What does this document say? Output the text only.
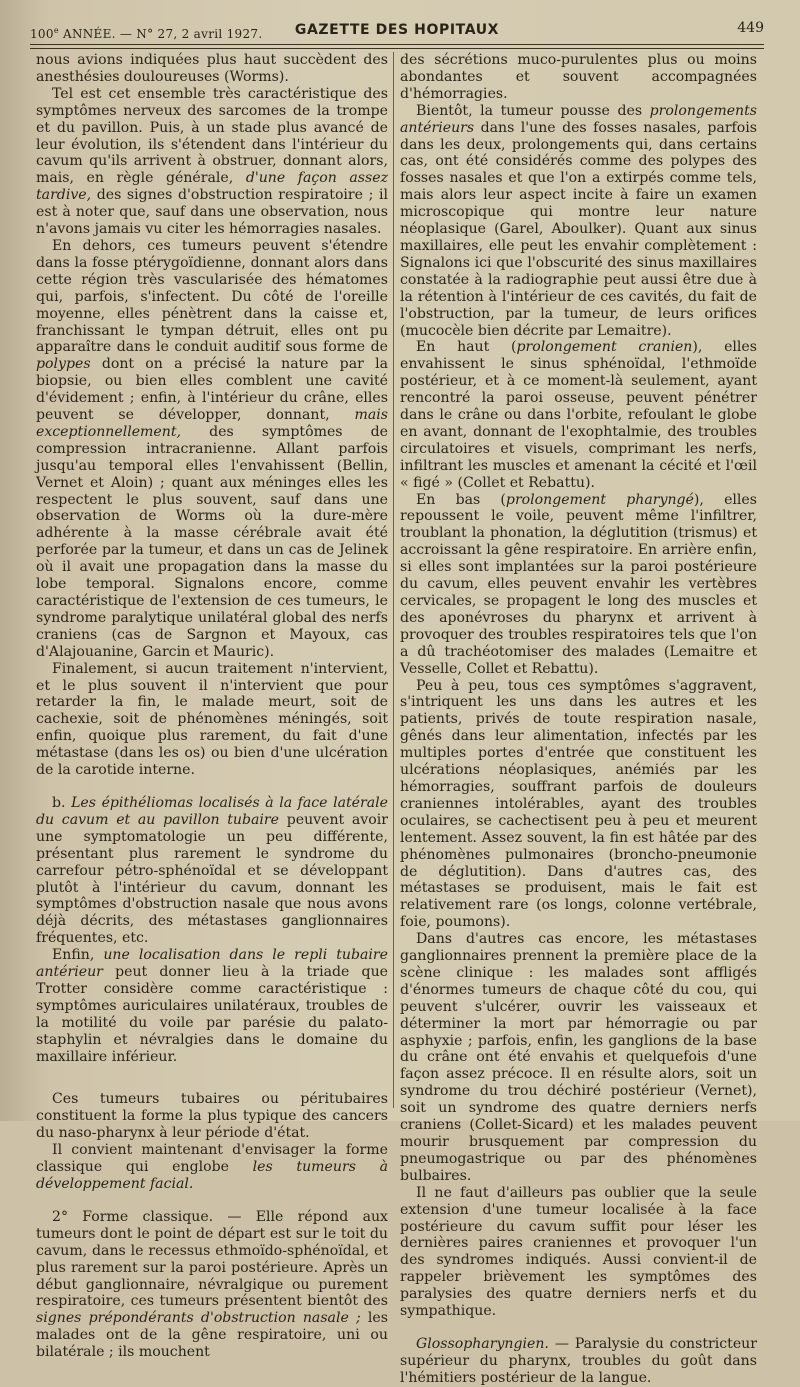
100e ANNÉE. — N° 27, 2 avril 1927.	GAZETTE DES HOPITAUX	449

nous avions indiquées plus haut succèdent des anesthésies douloureuses (Worms).

Tel est cet ensemble très caractéristique des symptômes nerveux des sarcomes de la trompe et du pavillon. Puis, à un stade plus avancé de leur évolution, ils s'étendent dans l'intérieur du cavum qu'ils arrivent à obstruer, donnant alors, mais, en règle générale, d'une façon assez tardive, des signes d'obstruction respiratoire ; il est à noter que, sauf dans une observation, nous n'avons jamais vu citer les hémorragies nasales.

En dehors, ces tumeurs peuvent s'étendre dans la fosse ptérygoïdienne, donnant alors dans cette région très vascularisée des hématomes qui, parfois, s'infectent. Du côté de l'oreille moyenne, elles pénètrent dans la caisse et, franchissant le tympan détruit, elles ont pu apparaître dans le conduit auditif sous forme de polypes dont on a précisé la nature par la biopsie, ou bien elles comblent une cavité d'évidement ; enfin, à l'intérieur du crâne, elles peuvent se développer, donnant, mais exceptionnellement, des symptômes de compression intracranienne. Allant parfois jusqu'au temporal elles l'envahissent (Bellin, Vernet et Aloin) ; quant aux méninges elles les respectent le plus souvent, sauf dans une observation de Worms où la dure-mère adhérente à la masse cérébrale avait été perforée par la tumeur, et dans un cas de Jelinek où il avait une propagation dans la masse du lobe temporal. Signalons encore, comme caractéristique de l'extension de ces tumeurs, le syndrome paralytique unilatéral global des nerfs craniens (cas de Sargnon et Mayoux, cas d'Alajouanine, Garcin et Mauric).

Finalement, si aucun traitement n'intervient, et le plus souvent il n'intervient que pour retarder la fin, le malade meurt, soit de cachexie, soit de phénomènes méningés, soit enfin, quoique plus rarement, du fait d'une métastase (dans les os) ou bien d'une ulcération de la carotide interne.

b. Les épithéliomas localisés à la face latérale du cavum et au pavillon tubaire peuvent avoir une symptomatologie un peu différente, présentant plus rarement le syndrome du carrefour pétro-sphénoïdal et se développant plutôt à l'intérieur du cavum, donnant les symptômes d'obstruction nasale que nous avons déjà décrits, des métastases ganglionnaires fréquentes, etc.

Enfin, une localisation dans le repli tubaire antérieur peut donner lieu à la triade que Trotter considère comme caractéristique : symptômes auriculaires unilatéraux, troubles de la motilité du voile par parésie du palato-staphylin et névralgies dans le domaine du maxillaire inférieur.

Ces tumeurs tubaires ou péritubaires constituent la forme la plus typique des cancers du naso-pharynx à leur période d'état.

Il convient maintenant d'envisager la forme classique qui englobe les tumeurs à développement facial.

2° Forme classique. — Elle répond aux tumeurs dont le point de départ est sur le toit du cavum, dans le recessus ethmoïdo-sphénoïdal, et plus rarement sur la paroi postérieure. Après un début ganglionnaire, névralgique ou purement respiratoire, ces tumeurs présentent bientôt des signes prépondérants d'obstruction nasale ; les malades ont de la gêne respiratoire, uni ou bilatérale ; ils mouchent

des sécrétions muco-purulentes plus ou moins abondantes et souvent accompagnées d'hémorragies.

Bientôt, la tumeur pousse des prolongements antérieurs dans l'une des fosses nasales, parfois dans les deux, prolongements qui, dans certains cas, ont été considérés comme des polypes des fosses nasales et que l'on a extirpés comme tels, mais alors leur aspect incite à faire un examen microscopique qui montre leur nature néoplasique (Garel, Aboulker). Quant aux sinus maxillaires, elle peut les envahir complètement : Signalons ici que l'obscurité des sinus maxillaires constatée à la radiographie peut aussi être due à la rétention à l'intérieur de ces cavités, du fait de l'obstruction, par la tumeur, de leurs orifices (mucocèle bien décrite par Lemaitre).

En haut (prolongement cranien), elles envahissent le sinus sphénoïdal, l'ethmoïde postérieur, et à ce moment-là seulement, ayant rencontré la paroi osseuse, peuvent pénétrer dans le crâne ou dans l'orbite, refoulant le globe en avant, donnant de l'exophtalmie, des troubles circulatoires et visuels, comprimant les nerfs, infiltrant les muscles et amenant la cécité et l'œil « figé » (Collet et Rebattu).

En bas (prolongement pharyngé), elles repoussent le voile, peuvent même l'infiltrer, troublant la phonation, la déglutition (trismus) et accroissant la gêne respiratoire. En arrière enfin, si elles sont implantées sur la paroi postérieure du cavum, elles peuvent envahir les vertèbres cervicales, se propagent le long des muscles et des aponévroses du pharynx et arrivent à provoquer des troubles respiratoires tels que l'on a dû trachéotomiser des malades (Lemaitre et Vesselle, Collet et Rebattu).

Peu à peu, tous ces symptômes s'aggravent, s'intriquent les uns dans les autres et les patients, privés de toute respiration nasale, gênés dans leur alimentation, infectés par les multiples portes d'entrée que constituent les ulcérations néoplasiques, anémiés par les hémorragies, souffrant parfois de douleurs craniennes intolérables, ayant des troubles oculaires, se cachectisent peu à peu et meurent lentement. Assez souvent, la fin est hâtée par des phénomènes pulmonaires (broncho-pneumonie de déglutition). Dans d'autres cas, des métastases se produisent, mais le fait est relativement rare (os longs, colonne vertébrale, foie, poumons).

Dans d'autres cas encore, les métastases ganglionnaires prennent la première place de la scène clinique : les malades sont affligés d'énormes tumeurs de chaque côté du cou, qui peuvent s'ulcérer, ouvrir les vaisseaux et déterminer la mort par hémorragie ou par asphyxie ; parfois, enfin, les ganglions de la base du crâne ont été envahis et quelquefois d'une façon assez précoce. Il en résulte alors, soit un syndrome du trou déchiré postérieur (Vernet), soit un syndrome des quatre derniers nerfs craniens (Collet-Sicard) et les malades peuvent mourir brusquement par compression du pneumogastrique ou par des phénomènes bulbaires.

Il ne faut d'ailleurs pas oublier que la seule extension d'une tumeur localisée à la face postérieure du cavum suffit pour léser les dernières paires craniennes et provoquer l'un des syndromes indiqués. Aussi convient-il de rappeler brièvement les symptômes des paralysies des quatre derniers nerfs et du sympathique.

Glossopharyngien. — Paralysie du constricteur supérieur du pharynx, troubles du goût dans l'hémitiers postérieur de la langue.
